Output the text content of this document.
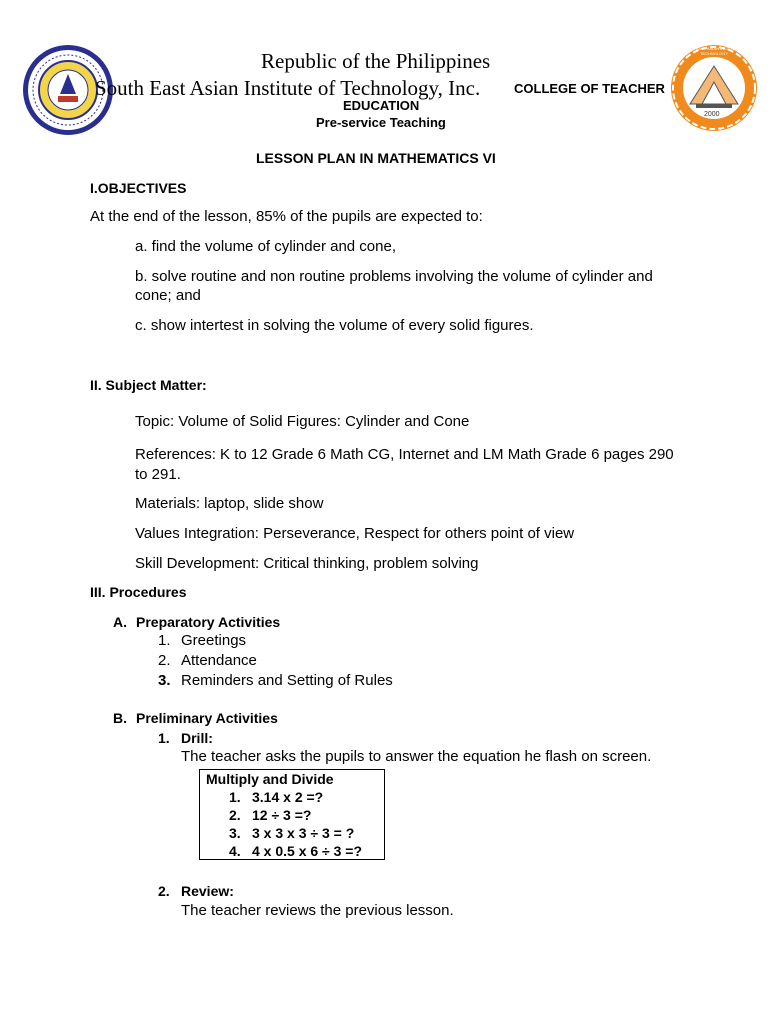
2000
SOUTH EAST ASIAN INSTITUTE OF TECHNOLOGY
Republic of the Philippines
South East Asian Institute of Technology, Inc.	COLLEGE OF TEACHER
EDUCATION
Pre-service Teaching
LESSON PLAN IN MATHEMATICS VI
I.OBJECTIVES
At the end of the lesson, 85% of the pupils are expected to:
a. find the volume of cylinder and cone,
b. solve routine and non routine problems involving the volume of cylinder and
cone; and
c. show intertest in solving the volume of every solid figures.
II. Subject Matter:
Topic: Volume of Solid Figures: Cylinder and Cone
References: K to 12 Grade 6 Math CG, Internet and LM Math Grade 6 pages 290
to 291.
Materials: laptop, slide show
Values Integration: Perseverance, Respect for others point of view
Skill Development: Critical thinking, problem solving
III. Procedures
A. Preparatory Activities
1. Greetings
2. Attendance
3. Reminders and Setting of Rules
B. Preliminary Activities
1. Drill:
The teacher asks the pupils to answer the equation he flash on screen.
Multiply and Divide
1. 3.14 x 2 =?
2. 12 ÷ 3 =?
3. 3 x 3 x 3 ÷ 3 = ?
4. 4 x 0.5 x 6 ÷ 3 =?
2. Review:
The teacher reviews the previous lesson.
